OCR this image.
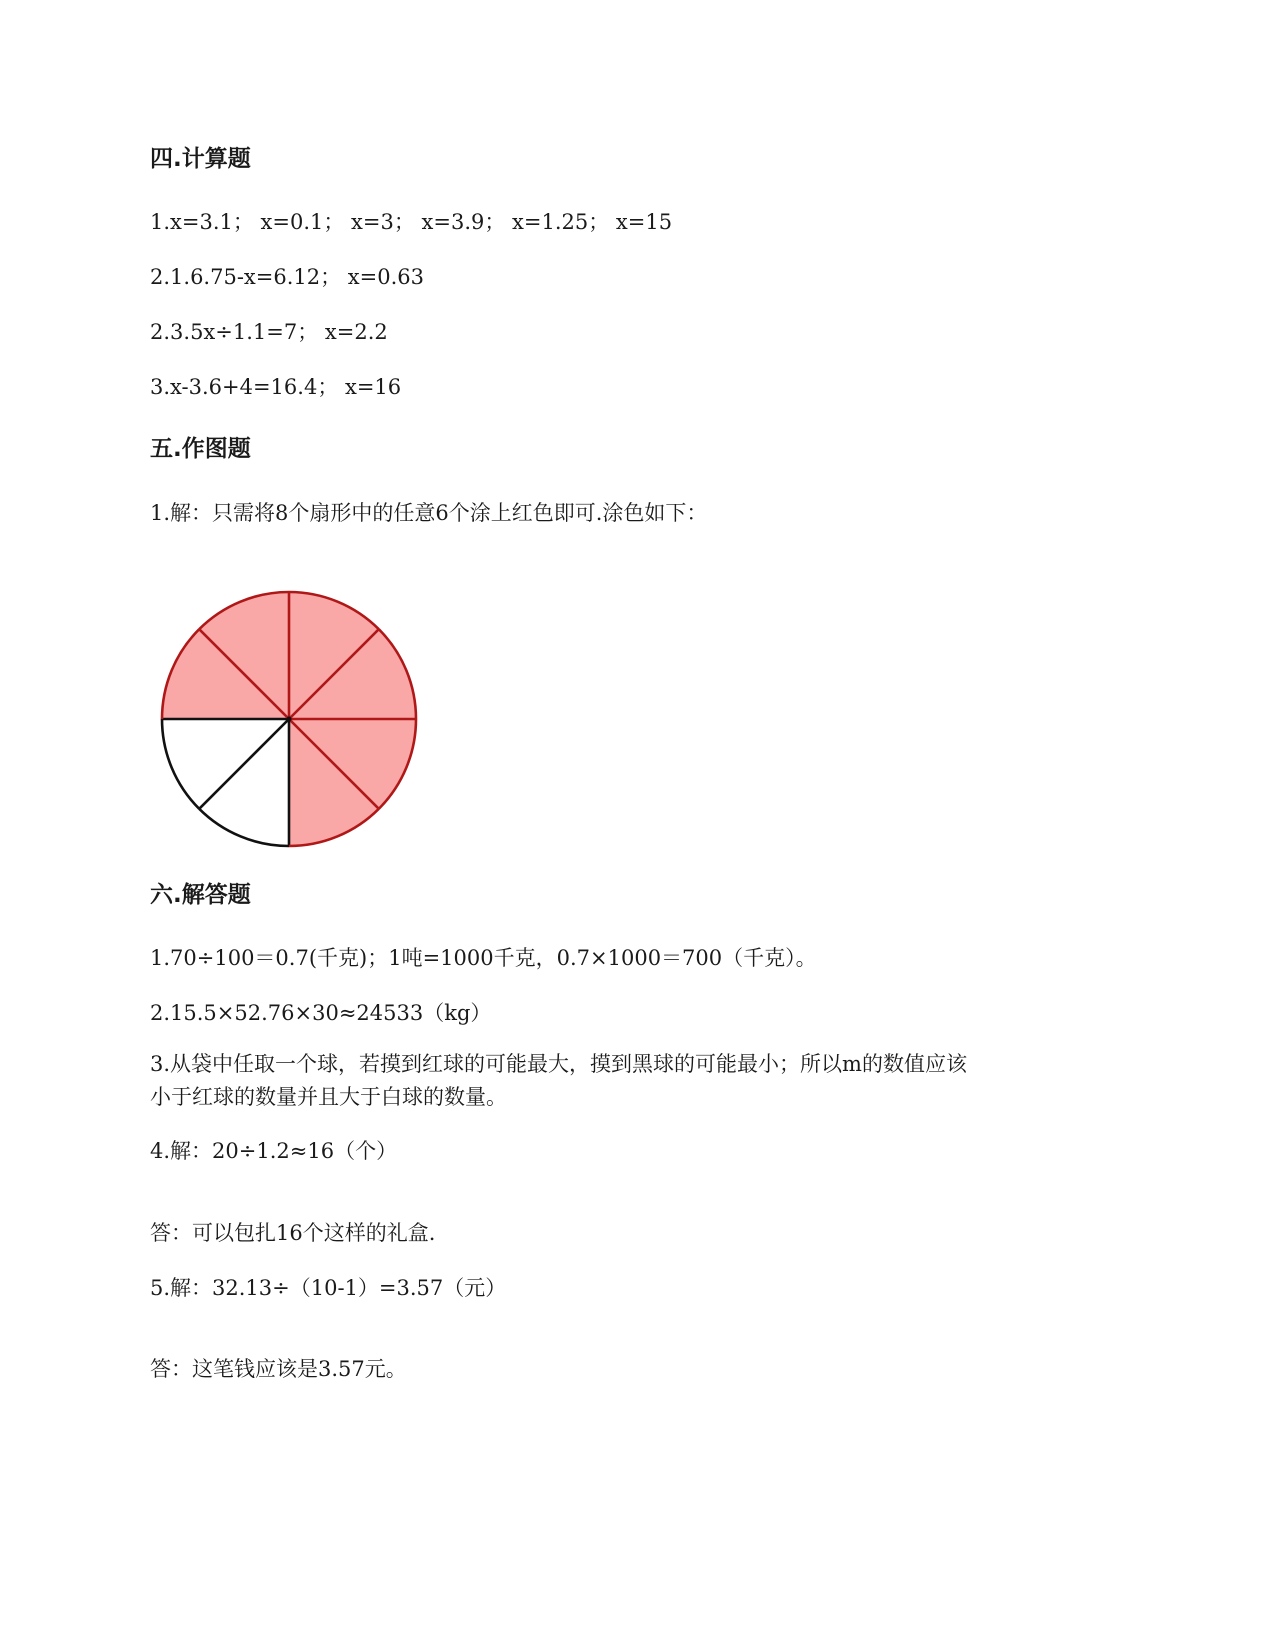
四.计算题
1.x=3.1； x=0.1； x=3； x=3.9； x=1.25； x=15
2.1.6.75-x=6.12； x=0.63
2.3.5x÷1.1=7； x=2.2
3.x-3.6+4=16.4； x=16
五.作图题
1.解：只需将8个扇形中的任意6个涂上红色即可.涂色如下：
六.解答题
1.70÷100＝0.7(千克)；1吨=1000千克，0.7×1000＝700（千克）。
2.15.5×52.76×30≈24533（kg）
3.从袋中任取一个球，若摸到红球的可能最大，摸到黑球的可能最小；所以m的数值应该
小于红球的数量并且大于白球的数量。
4.解：20÷1.2≈16（个）
答：可以包扎16个这样的礼盒.
5.解：32.13÷（10-1）=3.57（元）
答：这笔钱应该是3.57元。
